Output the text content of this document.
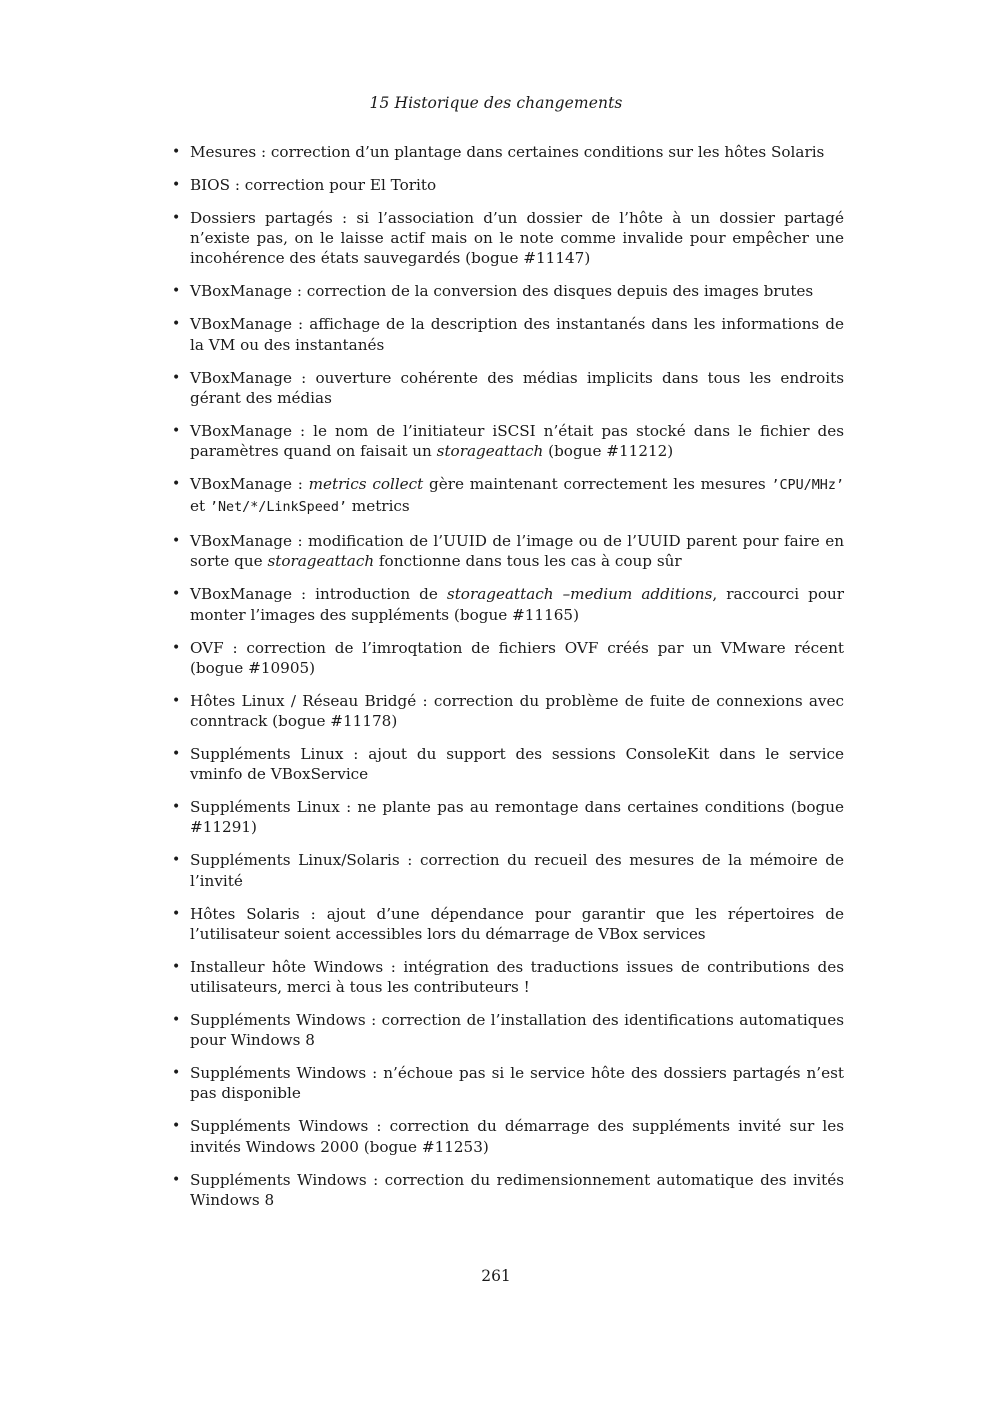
15 Historique des changements
• Mesures : correction d’un plantage dans certaines conditions sur les hôtes Solaris
• BIOS : correction pour El Torito
• Dossiers partagés : si l’association d’un dossier de l’hôte à un dossier partagé n’existe pas, on le laisse actif mais on le note comme invalide pour empêcher une incohérence des états sauvegardés (bogue #11147)
• VBoxManage : correction de la conversion des disques depuis des images brutes
• VBoxManage : affichage de la description des instantanés dans les informations de la VM ou des instantanés
• VBoxManage : ouverture cohérente des médias implicits dans tous les endroits gérant des médias
• VBoxManage : le nom de l’initiateur iSCSI n’était pas stocké dans le fichier des paramètres quand on faisait un storageattach (bogue #11212)
• VBoxManage : metrics collect gère maintenant correctement les mesures ’CPU/MHz’ et ’Net/*/LinkSpeed’ metrics
• VBoxManage : modification de l’UUID de l’image ou de l’UUID parent pour faire en sorte que storageattach fonctionne dans tous les cas à coup sûr
• VBoxManage : introduction de storageattach –medium additions, raccourci pour monter l’images des suppléments (bogue #11165)
• OVF : correction de l’imroqtation de fichiers OVF créés par un VMware récent (bogue #10905)
• Hôtes Linux / Réseau Bridgé : correction du problème de fuite de connexions avec conntrack (bogue #11178)
• Suppléments Linux : ajout du support des sessions ConsoleKit dans le service vminfo de VBoxService
• Suppléments Linux : ne plante pas au remontage dans certaines conditions (bogue #11291)
• Suppléments Linux/Solaris : correction du recueil des mesures de la mémoire de l’invité
• Hôtes Solaris : ajout d’une dépendance pour garantir que les répertoires de l’utilisateur soient accessibles lors du démarrage de VBox services
• Installeur hôte Windows : intégration des traductions issues de contributions des utilisateurs, merci à tous les contributeurs !
• Suppléments Windows : correction de l’installation des identifications automatiques pour Windows 8
• Suppléments Windows : n’échoue pas si le service hôte des dossiers partagés n’est pas disponible
• Suppléments Windows : correction du démarrage des suppléments invité sur les invités Windows 2000 (bogue #11253)
• Suppléments Windows : correction du redimensionnement automatique des invités Windows 8
261
